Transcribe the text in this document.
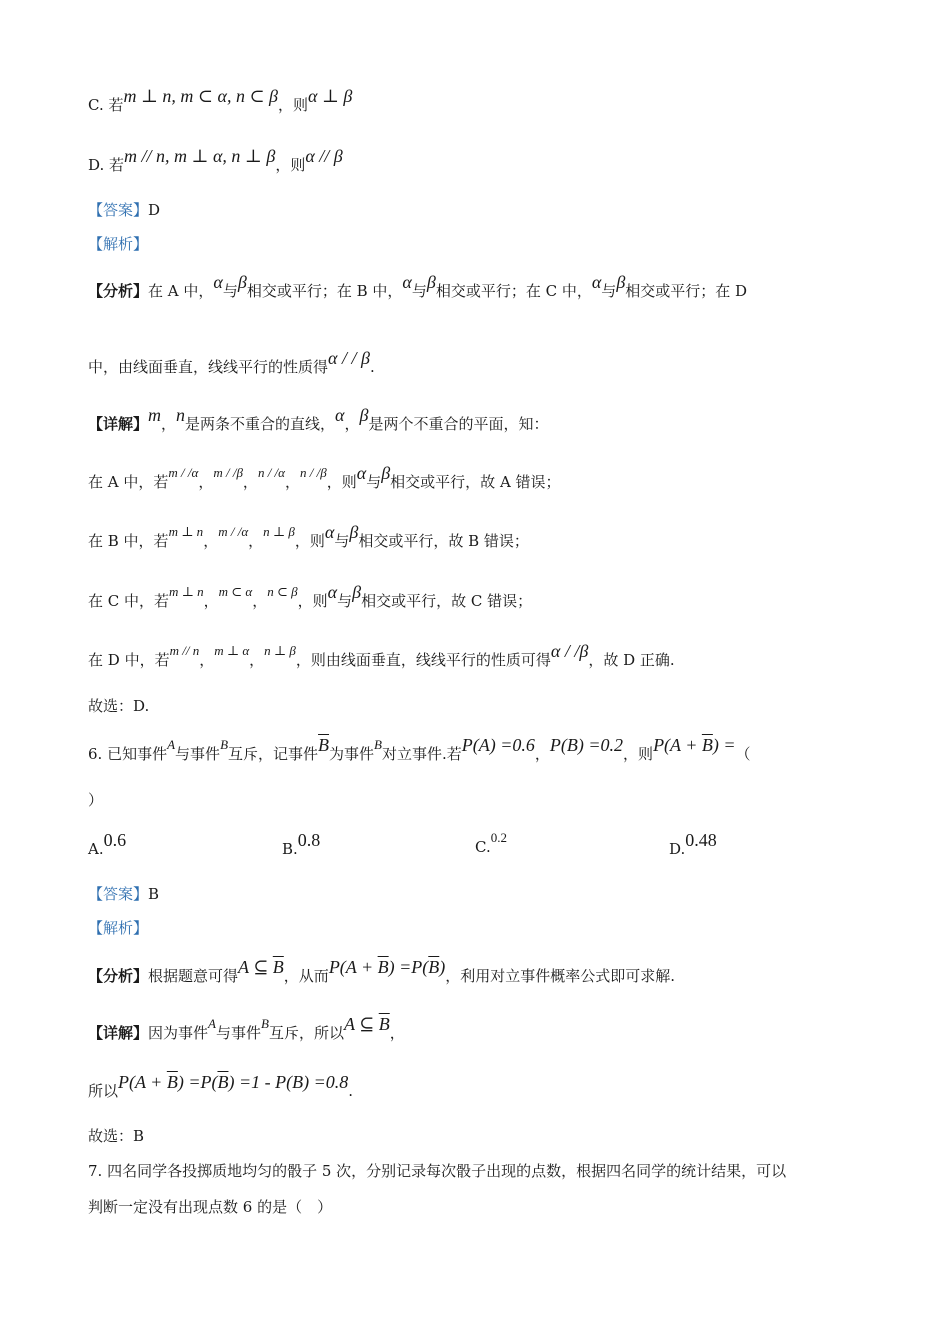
C. 若m ⊥ n, m ⊂ α, n ⊂ β，则α ⊥ β
D. 若m // n, m ⊥ α, n ⊥ β，则α // β
【答案】D
【解析】
【分析】在 A 中，α与β相交或平行；在 B 中，α与β相交或平行；在 C 中，α与β相交或平行；在 D
中，由线面垂直，线线平行的性质得α / / β.
【详解】m，n是两条不重合的直线，α，β是两个不重合的平面，知：
在 A 中，若m / /α，m / /β，n / /α，n / /β，则α与β相交或平行，故 A 错误；
在 B 中，若m ⊥ n，m / /α，n ⊥ β，则α与β相交或平行，故 B 错误；
在 C 中，若m ⊥ n，m ⊂ α，n ⊂ β，则α与β相交或平行，故 C 错误；
在 D 中，若m // n，m ⊥ α，n ⊥ β，则由线面垂直，线线平行的性质可得α / /β，故 D 正确.
故选：D.
6. 已知事件A与事件B互斥，记事件$\overline{B}$为事件B对立事件.若P(A) =0.6，P(B) =0.2，则$P(A + \overline{B})$ =（
）
A.0.6	B.0.8	C.0.2
D.0.48
【答案】B
【解析】
【分析】根据题意可得A ⊆ $\overline{B}$，从而$P(A + \overline{B}) =P(\overline{B})$，利用对立事件概率公式即可求解.
【详解】因为事件A与事件B互斥，所以A ⊆ $\overline{B}$，
所以$P(A + \overline{B}) =P(\overline{B}) =1 - P(B) =0.8$.
故选：B
7. 四名同学各投掷质地均匀的骰子 5 次，分别记录每次骰子出现的点数，根据四名同学的统计结果，可以
判断一定没有出现点数 6 的是（　）
